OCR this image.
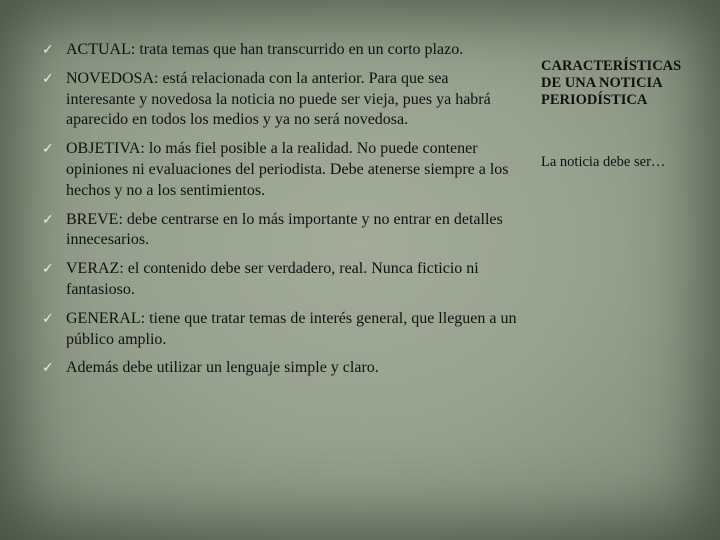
✓ ACTUAL: trata temas que han transcurrido en un corto plazo.
✓ NOVEDOSA: está relacionada con la anterior. Para que sea interesante y novedosa la noticia no puede ser vieja, pues ya habrá aparecido en todos los medios y ya no será novedosa.
✓ OBJETIVA: lo más fiel posible a la realidad. No puede contener opiniones ni evaluaciones del periodista. Debe atenerse siempre a los hechos y no a los sentimientos.
✓ BREVE: debe centrarse en lo más importante y no entrar en detalles innecesarios.
✓ VERAZ: el contenido debe ser verdadero, real. Nunca ficticio ni fantasioso.
✓ GENERAL: tiene que tratar temas de interés general, que lleguen a un público amplio.
✓ Además debe utilizar un lenguaje simple y claro.
CARACTERÍSTICAS DE UNA NOTICIA PERIODÍSTICA
La noticia debe ser…
